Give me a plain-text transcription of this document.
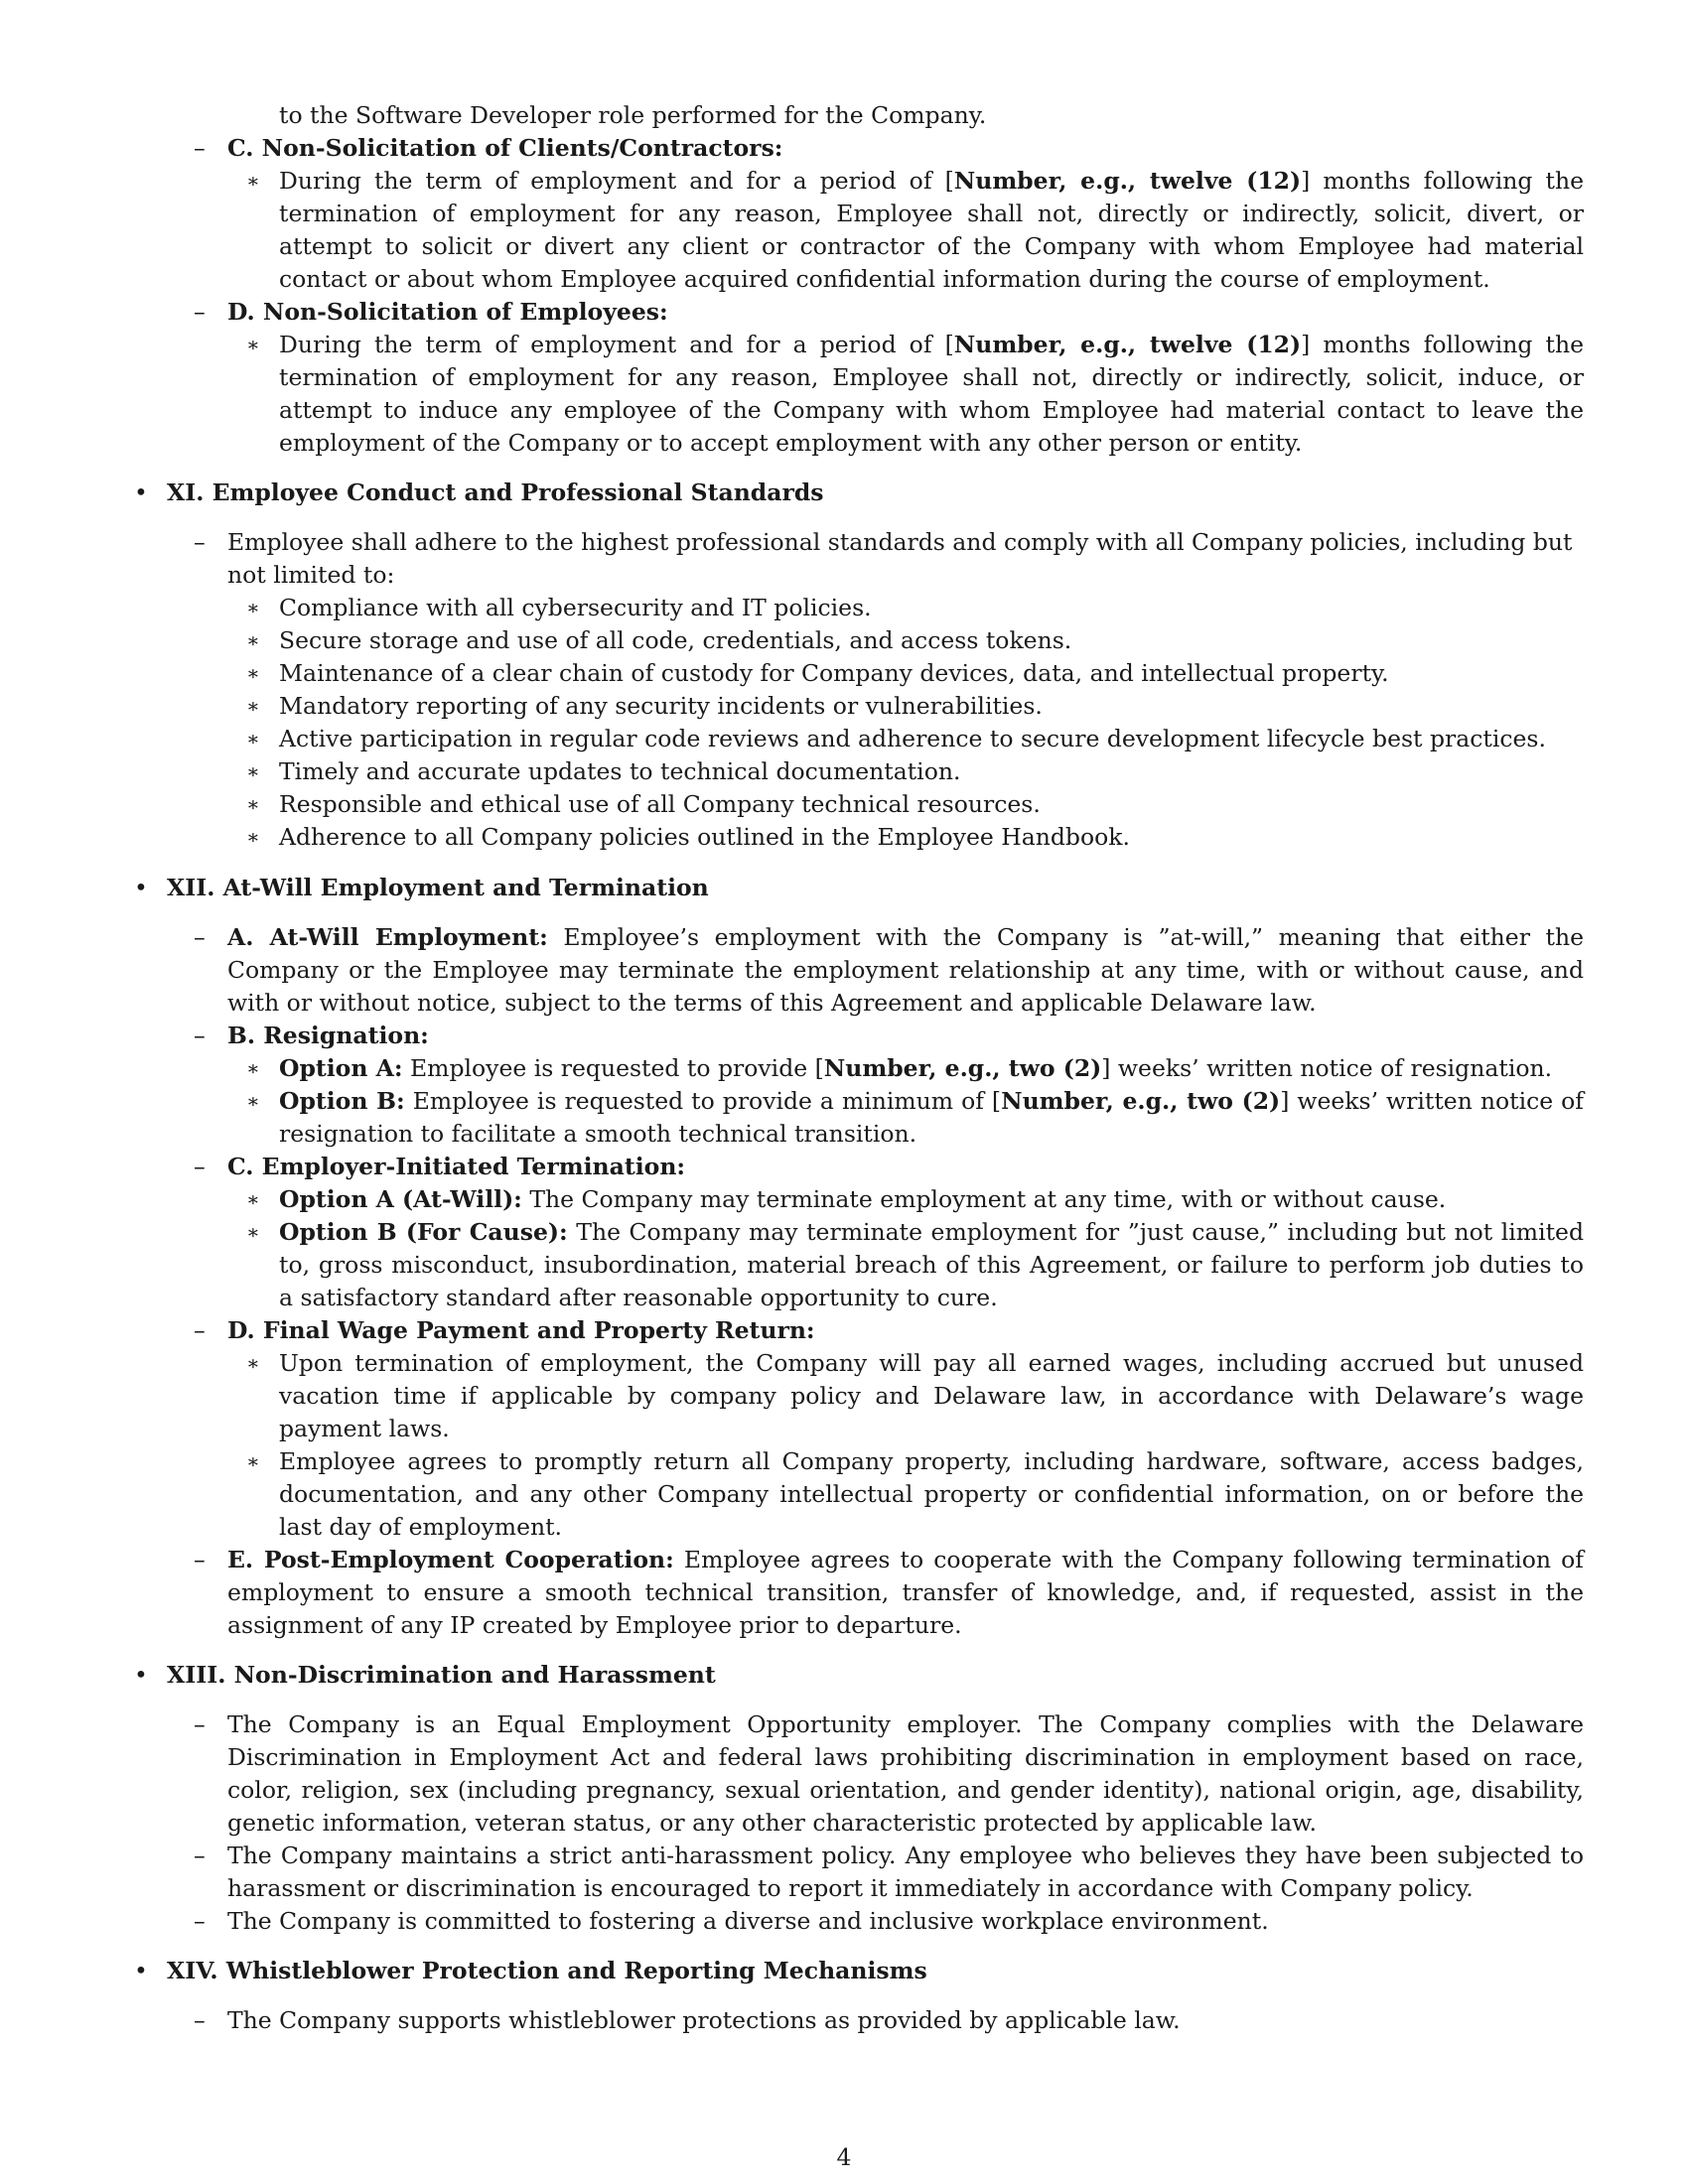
to the Software Developer role performed for the Company.
– C. Non-Solicitation of Clients/Contractors:
∗ During the term of employment and for a period of [Number, e.g., twelve (12)] months following the termination of employment for any reason, Employee shall not, directly or indirectly, solicit, divert, or attempt to solicit or divert any client or contractor of the Company with whom Employee had material contact or about whom Employee acquired confidential information during the course of employment.
– D. Non-Solicitation of Employees:
∗ During the term of employment and for a period of [Number, e.g., twelve (12)] months following the termination of employment for any reason, Employee shall not, directly or indirectly, solicit, induce, or attempt to induce any employee of the Company with whom Employee had material contact to leave the employment of the Company or to accept employment with any other person or entity.
• XI. Employee Conduct and Professional Standards
– Employee shall adhere to the highest professional standards and comply with all Company policies, including but not limited to:
∗ Compliance with all cybersecurity and IT policies.
∗ Secure storage and use of all code, credentials, and access tokens.
∗ Maintenance of a clear chain of custody for Company devices, data, and intellectual property.
∗ Mandatory reporting of any security incidents or vulnerabilities.
∗ Active participation in regular code reviews and adherence to secure development lifecycle best practices.
∗ Timely and accurate updates to technical documentation.
∗ Responsible and ethical use of all Company technical resources.
∗ Adherence to all Company policies outlined in the Employee Handbook.
• XII. At-Will Employment and Termination
– A. At-Will Employment: Employee’s employment with the Company is ”at-will,” meaning that either the Company or the Employee may terminate the employment relationship at any time, with or without cause, and with or without notice, subject to the terms of this Agreement and applicable Delaware law.
– B. Resignation:
∗ Option A: Employee is requested to provide [Number, e.g., two (2)] weeks’ written notice of resignation.
∗ Option B: Employee is requested to provide a minimum of [Number, e.g., two (2)] weeks’ written notice of resignation to facilitate a smooth technical transition.
– C. Employer-Initiated Termination:
∗ Option A (At-Will): The Company may terminate employment at any time, with or without cause.
∗ Option B (For Cause): The Company may terminate employment for ”just cause,” including but not limited to, gross misconduct, insubordination, material breach of this Agreement, or failure to perform job duties to a satisfactory standard after reasonable opportunity to cure.
– D. Final Wage Payment and Property Return:
∗ Upon termination of employment, the Company will pay all earned wages, including accrued but unused vacation time if applicable by company policy and Delaware law, in accordance with Delaware’s wage payment laws.
∗ Employee agrees to promptly return all Company property, including hardware, software, access badges, documentation, and any other Company intellectual property or confidential information, on or before the last day of employment.
– E. Post-Employment Cooperation: Employee agrees to cooperate with the Company following termination of employment to ensure a smooth technical transition, transfer of knowledge, and, if requested, assist in the assignment of any IP created by Employee prior to departure.
• XIII. Non-Discrimination and Harassment
– The Company is an Equal Employment Opportunity employer. The Company complies with the Delaware Discrimination in Employment Act and federal laws prohibiting discrimination in employment based on race, color, religion, sex (including pregnancy, sexual orientation, and gender identity), national origin, age, disability, genetic information, veteran status, or any other characteristic protected by applicable law.
– The Company maintains a strict anti-harassment policy. Any employee who believes they have been subjected to harassment or discrimination is encouraged to report it immediately in accordance with Company policy.
– The Company is committed to fostering a diverse and inclusive workplace environment.
• XIV. Whistleblower Protection and Reporting Mechanisms
– The Company supports whistleblower protections as provided by applicable law.
4
